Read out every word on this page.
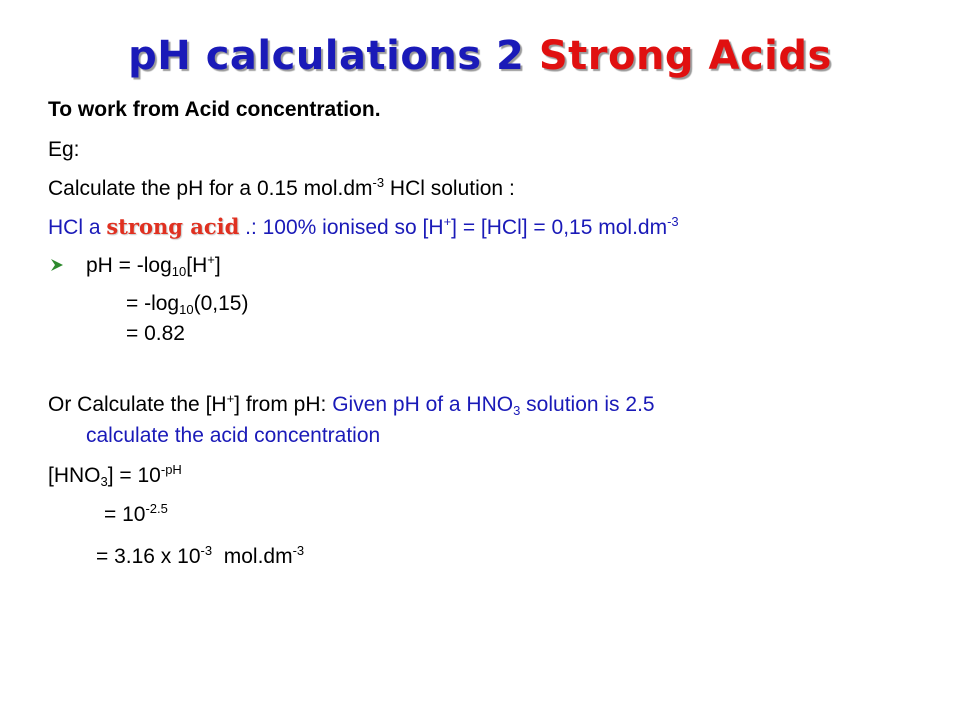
pH calculations 2 Strong Acids
To work from Acid concentration.
Eg:
Calculate the pH for a 0.15 $mol.dm^{-3}$ HCl solution :
HCl a strong acid .: 100% ionised so [H+] = [HCl] = 0,15 $mol.dm^{-3}$
pH = $-\log_{10}[H^+]$
= $-\log_{10}(0,15)$
= 0.82
Or Calculate the [H+] from pH: Given pH of a $HNO_3$ solution is 2.5
calculate the acid concentration
$[HNO_3] = 10^{-pH}$
= $10^{-2.5}$
= 3.16 x $10^{-3}$  $mol.dm^{-3}$
